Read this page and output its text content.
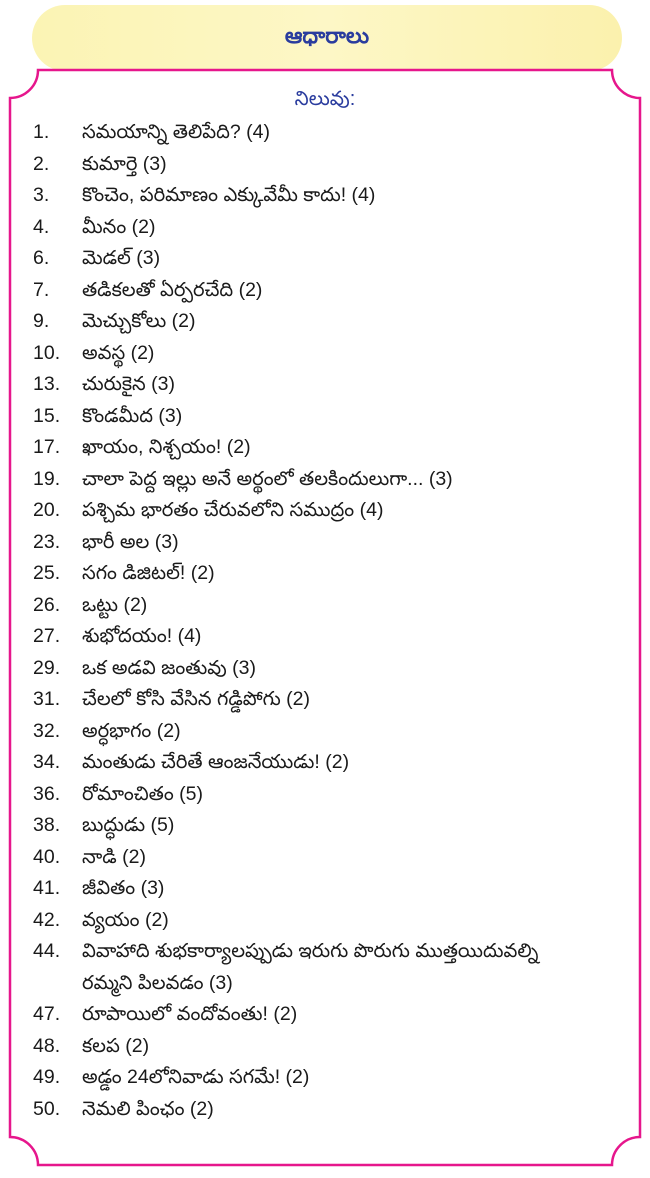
ఆధారాలు
నిలువు:
1.	సమయాన్ని తెలిపేది? (4)
2.	కుమార్తె (3)
3.	కొంచెం, పరిమాణం ఎక్కువేమీ కాదు! (4)
4.	మీనం (2)
6.	మెడల్ (3)
7.	తడికలతో ఏర్పరచేది (2)
9.	మెచ్చుకోలు (2)
10.	అవస్థ (2)
13.	చురుకైన (3)
15.	కొండమీద (3)
17.	ఖాయం, నిశ్చయం! (2)
19.	చాలా పెద్ద ఇల్లు అనే అర్థంలో తలకిందులుగా... (3)
20.	పశ్చిమ భారతం చేరువలోని సముద్రం (4)
23.	భారీ అల (3)
25.	సగం డిజిటల్! (2)
26.	ఒట్టు (2)
27.	శుభోదయం! (4)
29.	ఒక అడవి జంతువు (3)
31.	చేలలో కోసి వేసిన గడ్డిపోగు (2)
32.	అర్ధభాగం (2)
34.	మంతుడు చేరితే ఆంజనేయుడు! (2)
36.	రోమాంచితం (5)
38.	బుద్ధుడు (5)
40.	నాడి (2)
41.	జీవితం (3)
42.	వ్యయం (2)
44.	వివాహాది శుభకార్యాలప్పుడు ఇరుగు పొరుగు ముత్తయిదువల్ని రమ్మని పిలవడం (3)
47.	రూపాయిలో వందోవంతు! (2)
48.	కలప (2)
49.	అడ్డం 24లోనివాడు సగమే! (2)
50.	నెమలి పింఛం (2)
